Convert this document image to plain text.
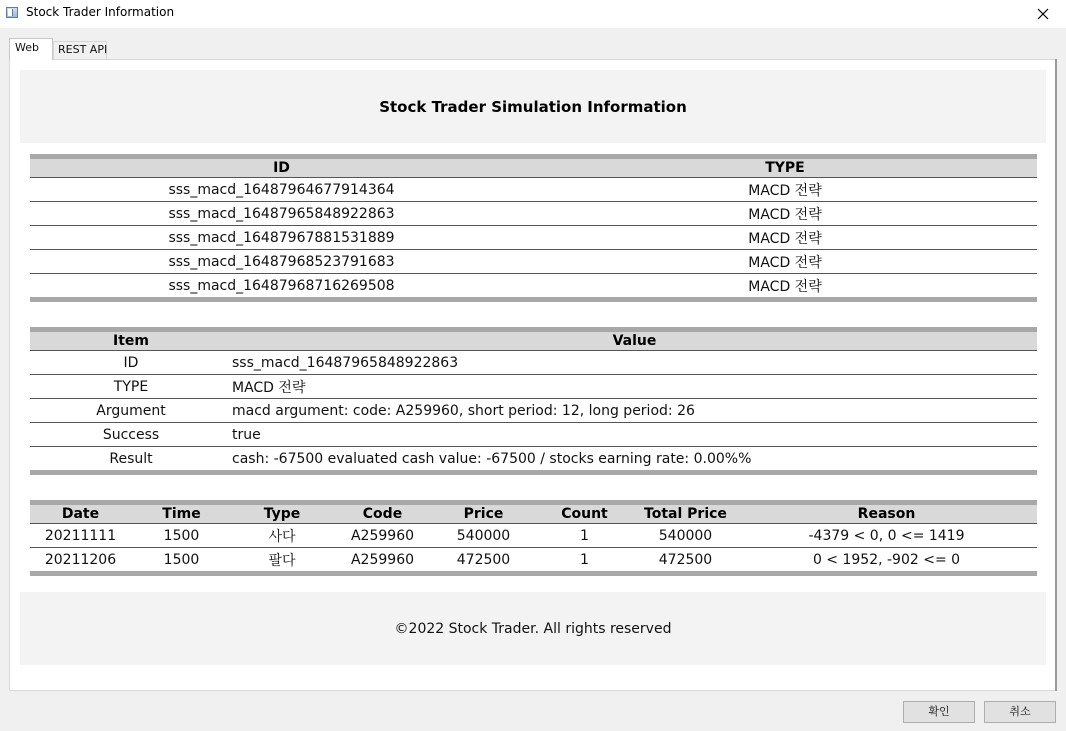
Stock Trader Information
Web	REST API
Stock Trader Simulation Information
ID	TYPE
sss_macd_16487964677914364	MACD 전략
sss_macd_16487965848922863	MACD 전략
sss_macd_16487967881531889	MACD 전략
sss_macd_16487968523791683	MACD 전략
sss_macd_16487968716269508	MACD 전략
Item	Value
ID	sss_macd_16487965848922863
TYPE	MACD 전략
Argument	macd argument: code: A259960, short period: 12, long period: 26
Success	true
Result	cash: -67500 evaluated cash value: -67500 / stocks earning rate: 0.00%%
Date	Time	Type	Code	Price	Count	Total Price	Reason
20211111	1500	사다	A259960	540000	1	540000	-4379 < 0, 0 <= 1419
20211206	1500	팔다	A259960	472500	1	472500	0 < 1952, -902 <= 0
©2022 Stock Trader. All rights reserved
확인	취소
